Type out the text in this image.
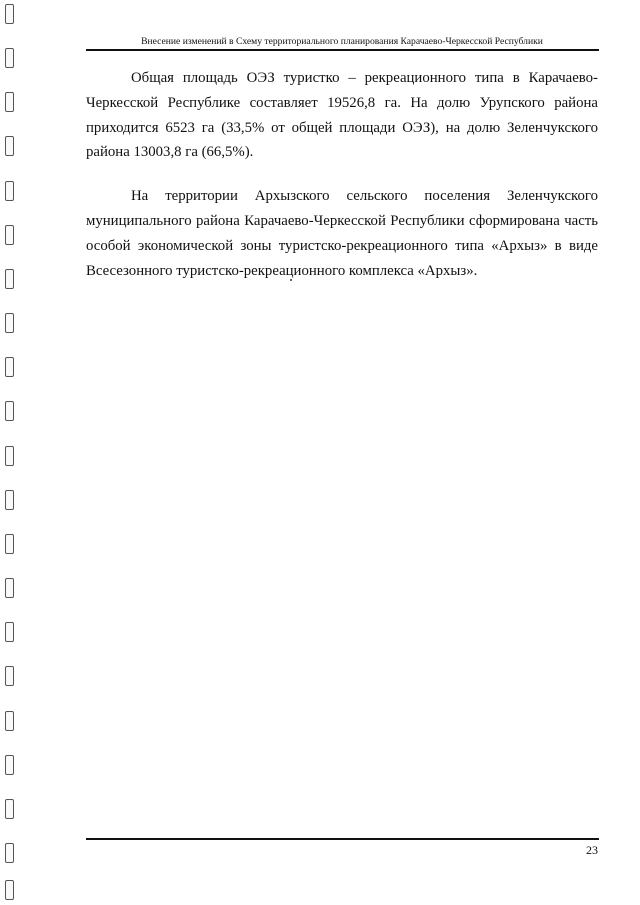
Внесение изменений в Схему территориального планирования Карачаево-Черкесской Республики

Общая площадь ОЭЗ туристко – рекреационного типа в Карачаево-Черкесской Республике составляет 19526,8 га. На долю Урупского района приходится 6523 га (33,5% от общей площади ОЭЗ), на долю Зеленчукского района 13003,8 га (66,5%).

На территории Архызского сельского поселения Зеленчукского муниципального района Карачаево-Черкесской Республики сформирована часть особой экономической зоны туристско-рекреационного типа «Архыз» в виде Всесезонного туристско-рекреационного комплекса «Архыз».

23
